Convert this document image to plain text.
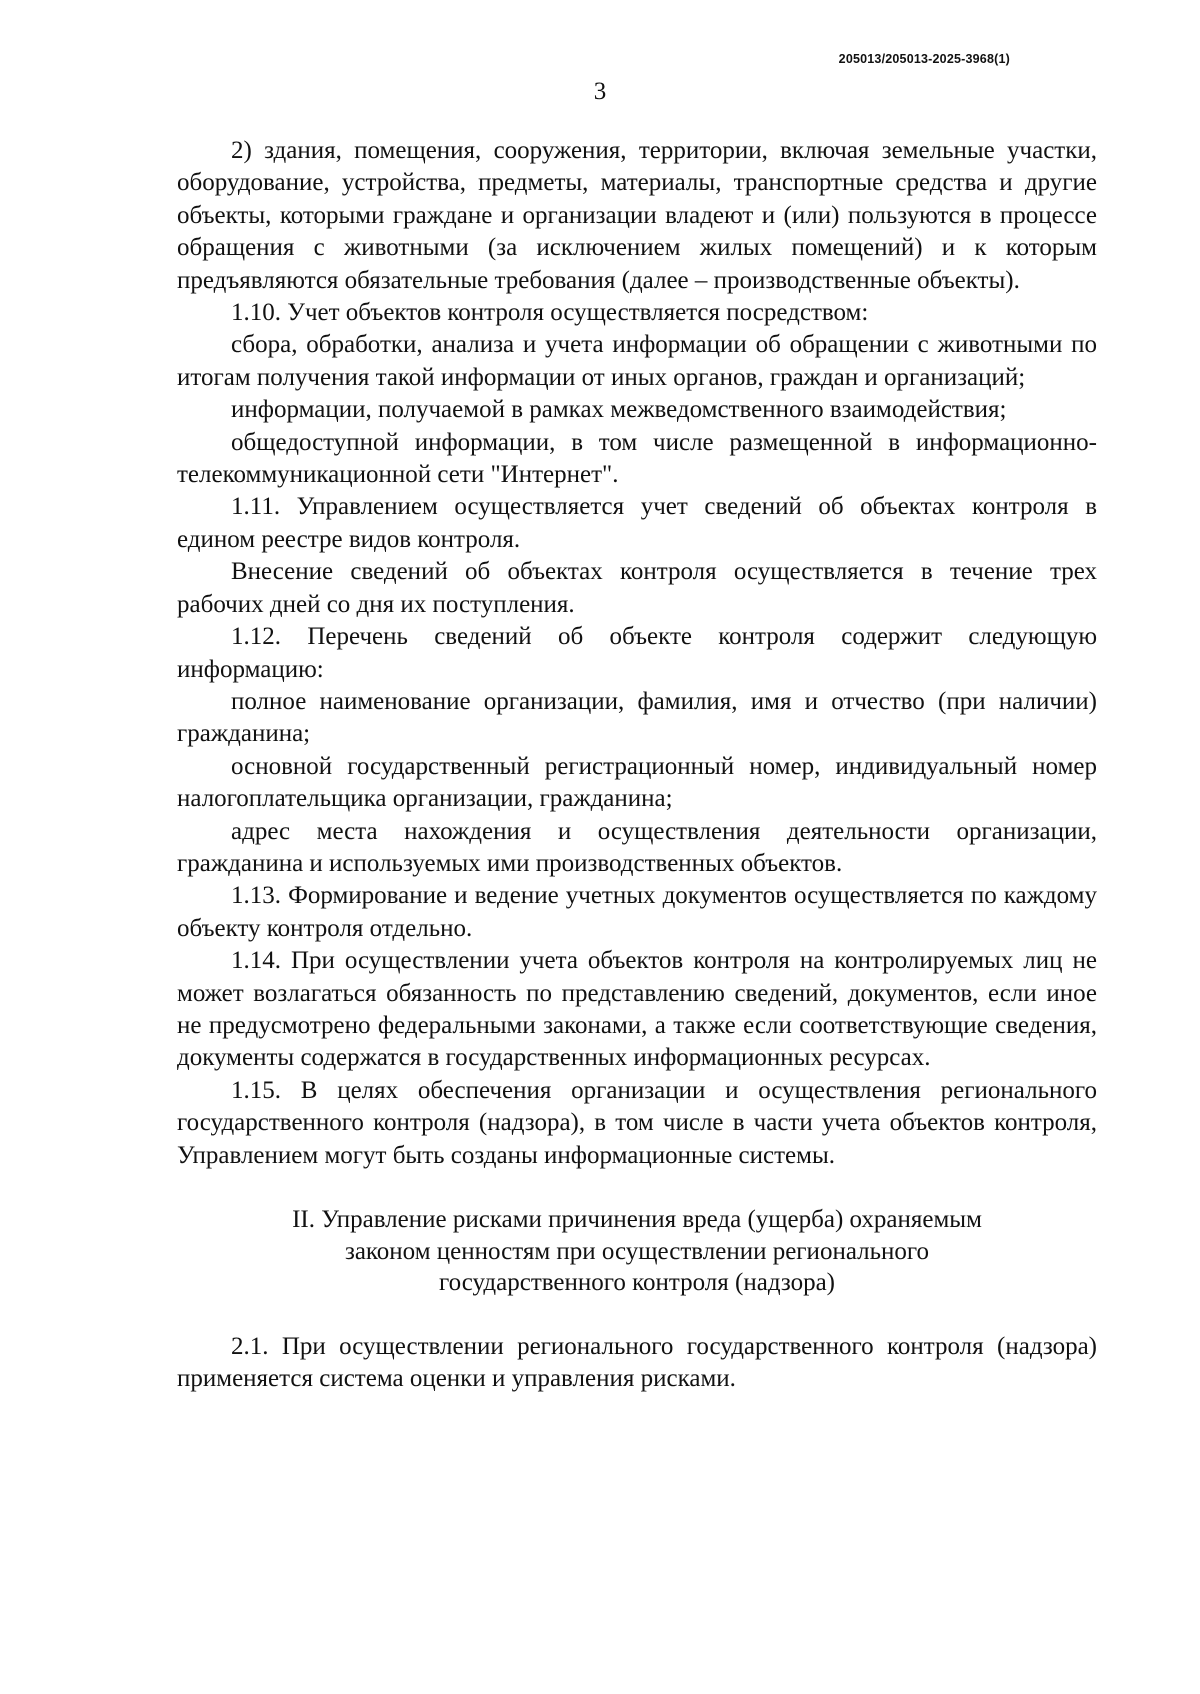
205013/205013-2025-3968(1)
3

2) здания, помещения, сооружения, территории, включая земельные участки, оборудование, устройства, предметы, материалы, транспортные средства и другие объекты, которыми граждане и организации владеют и (или) пользуются в процессе обращения с животными (за исключением жилых помещений) и к которым предъявляются обязательные требования (далее – производственные объекты).

1.10. Учет объектов контроля осуществляется посредством:

сбора, обработки, анализа и учета информации об обращении с животными по итогам получения такой информации от иных органов, граждан и организаций;

информации, получаемой в рамках межведомственного взаимодействия;

общедоступной информации, в том числе размещенной в информационно-телекоммуникационной сети "Интернет".

1.11. Управлением осуществляется учет сведений об объектах контроля в едином реестре видов контроля.

Внесение сведений об объектах контроля осуществляется в течение трех рабочих дней со дня их поступления.

1.12. Перечень сведений об объекте контроля содержит следующую информацию:

полное наименование организации, фамилия, имя и отчество (при наличии) гражданина;

основной государственный регистрационный номер, индивидуальный номер налогоплательщика организации, гражданина;

адрес места нахождения и осуществления деятельности организации, гражданина и используемых ими производственных объектов.

1.13. Формирование и ведение учетных документов осуществляется по каждому объекту контроля отдельно.

1.14. При осуществлении учета объектов контроля на контролируемых лиц не может возлагаться обязанность по представлению сведений, документов, если иное не предусмотрено федеральными законами, а также если соответствующие сведения, документы содержатся в государственных информационных ресурсах.

1.15. В целях обеспечения организации и осуществления регионального государственного контроля (надзора), в том числе в части учета объектов контроля, Управлением могут быть созданы информационные системы.

II. Управление рисками причинения вреда (ущерба) охраняемым
законом ценностям при осуществлении регионального
государственного контроля (надзора)

2.1. При осуществлении регионального государственного контроля (надзора) применяется система оценки и управления рисками.
